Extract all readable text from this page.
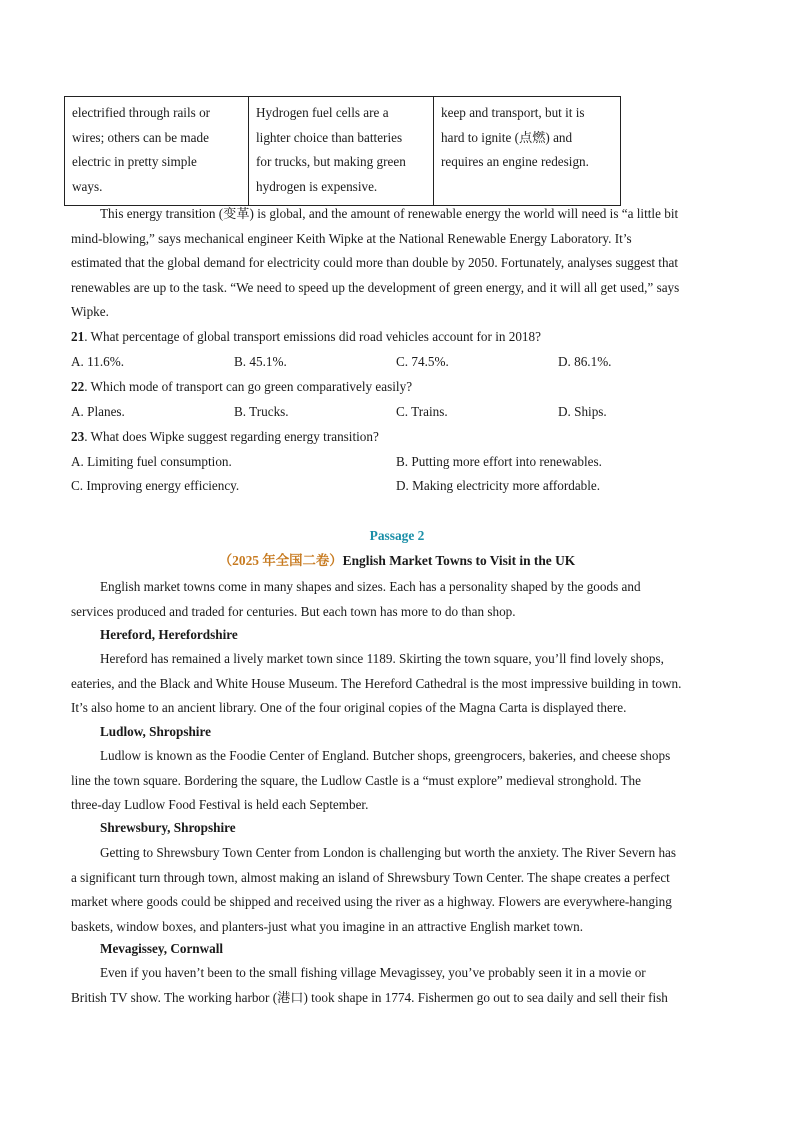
electrified through rails or
wires; others can be made
electric in pretty simple
ways.

Hydrogen fuel cells are a
lighter choice than batteries
for trucks, but making green
hydrogen is expensive.

keep and transport, but it is
hard to ignite (点燃) and
requires an engine redesign.
This energy transition (变革) is global, and the amount of renewable energy the world will need is “a little bit
mind-blowing,” says mechanical engineer Keith Wipke at the National Renewable Energy Laboratory. It’s
estimated that the global demand for electricity could more than double by 2050. Fortunately, analyses suggest that
renewables are up to the task. “We need to speed up the development of green energy, and it will all get used,” says
Wipke.
21. What percentage of global transport emissions did road vehicles account for in 2018?
A. 11.6%.	B. 45.1%.	C. 74.5%.	D. 86.1%.
22. Which mode of transport can go green comparatively easily?
A. Planes.	B. Trucks.	C. Trains.	D. Ships.
23. What does Wipke suggest regarding energy transition?
A. Limiting fuel consumption.	B. Putting more effort into renewables.
C. Improving energy efficiency.	D. Making electricity more affordable.
Passage 2
（2025 年全国二卷）English Market Towns to Visit in the UK
English market towns come in many shapes and sizes. Each has a personality shaped by the goods and
services produced and traded for centuries. But each town has more to do than shop.
Hereford, Herefordshire
Hereford has remained a lively market town since 1189. Skirting the town square, you’ll find lovely shops,
eateries, and the Black and White House Museum. The Hereford Cathedral is the most impressive building in town.
It’s also home to an ancient library. One of the four original copies of the Magna Carta is displayed there.
Ludlow, Shropshire
Ludlow is known as the Foodie Center of England. Butcher shops, greengrocers, bakeries, and cheese shops
line the town square. Bordering the square, the Ludlow Castle is a “must explore” medieval stronghold. The
three-day Ludlow Food Festival is held each September.
Shrewsbury, Shropshire
Getting to Shrewsbury Town Center from London is challenging but worth the anxiety. The River Severn has
a significant turn through town, almost making an island of Shrewsbury Town Center. The shape creates a perfect
market where goods could be shipped and received using the river as a highway. Flowers are everywhere-hanging
baskets, window boxes, and planters-just what you imagine in an attractive English market town.
Mevagissey, Cornwall
Even if you haven’t been to the small fishing village Mevagissey, you’ve probably seen it in a movie or
British TV show. The working harbor (港口) took shape in 1774. Fishermen go out to sea daily and sell their fish
